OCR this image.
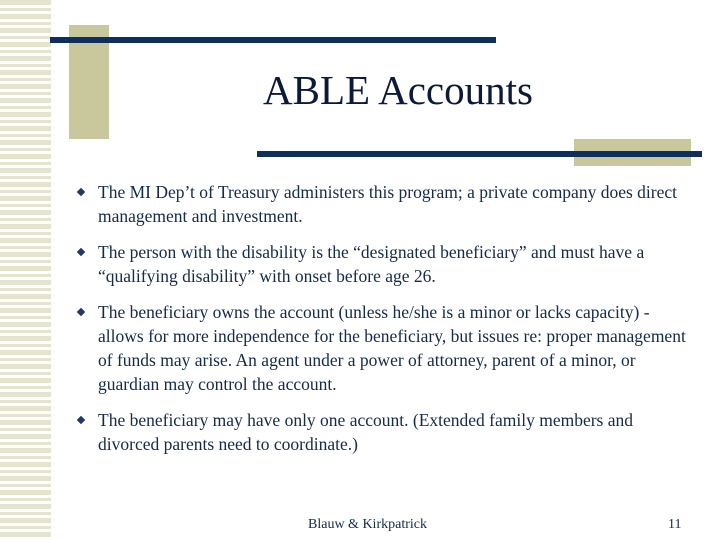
ABLE Accounts
The MI Dep’t of Treasury administers this program; a private company does direct management and investment.
The person with the disability is the “designated beneficiary” and must have a “qualifying disability” with onset before age 26.
The beneficiary owns the account (unless he/she is a minor or lacks capacity) - allows for more independence for the beneficiary, but issues re: proper management of funds may arise. An agent under a power of attorney, parent of a minor, or guardian may control the account.
The beneficiary may have only one account. (Extended family members and divorced parents need to coordinate.)
Blauw & Kirkpatrick	11
